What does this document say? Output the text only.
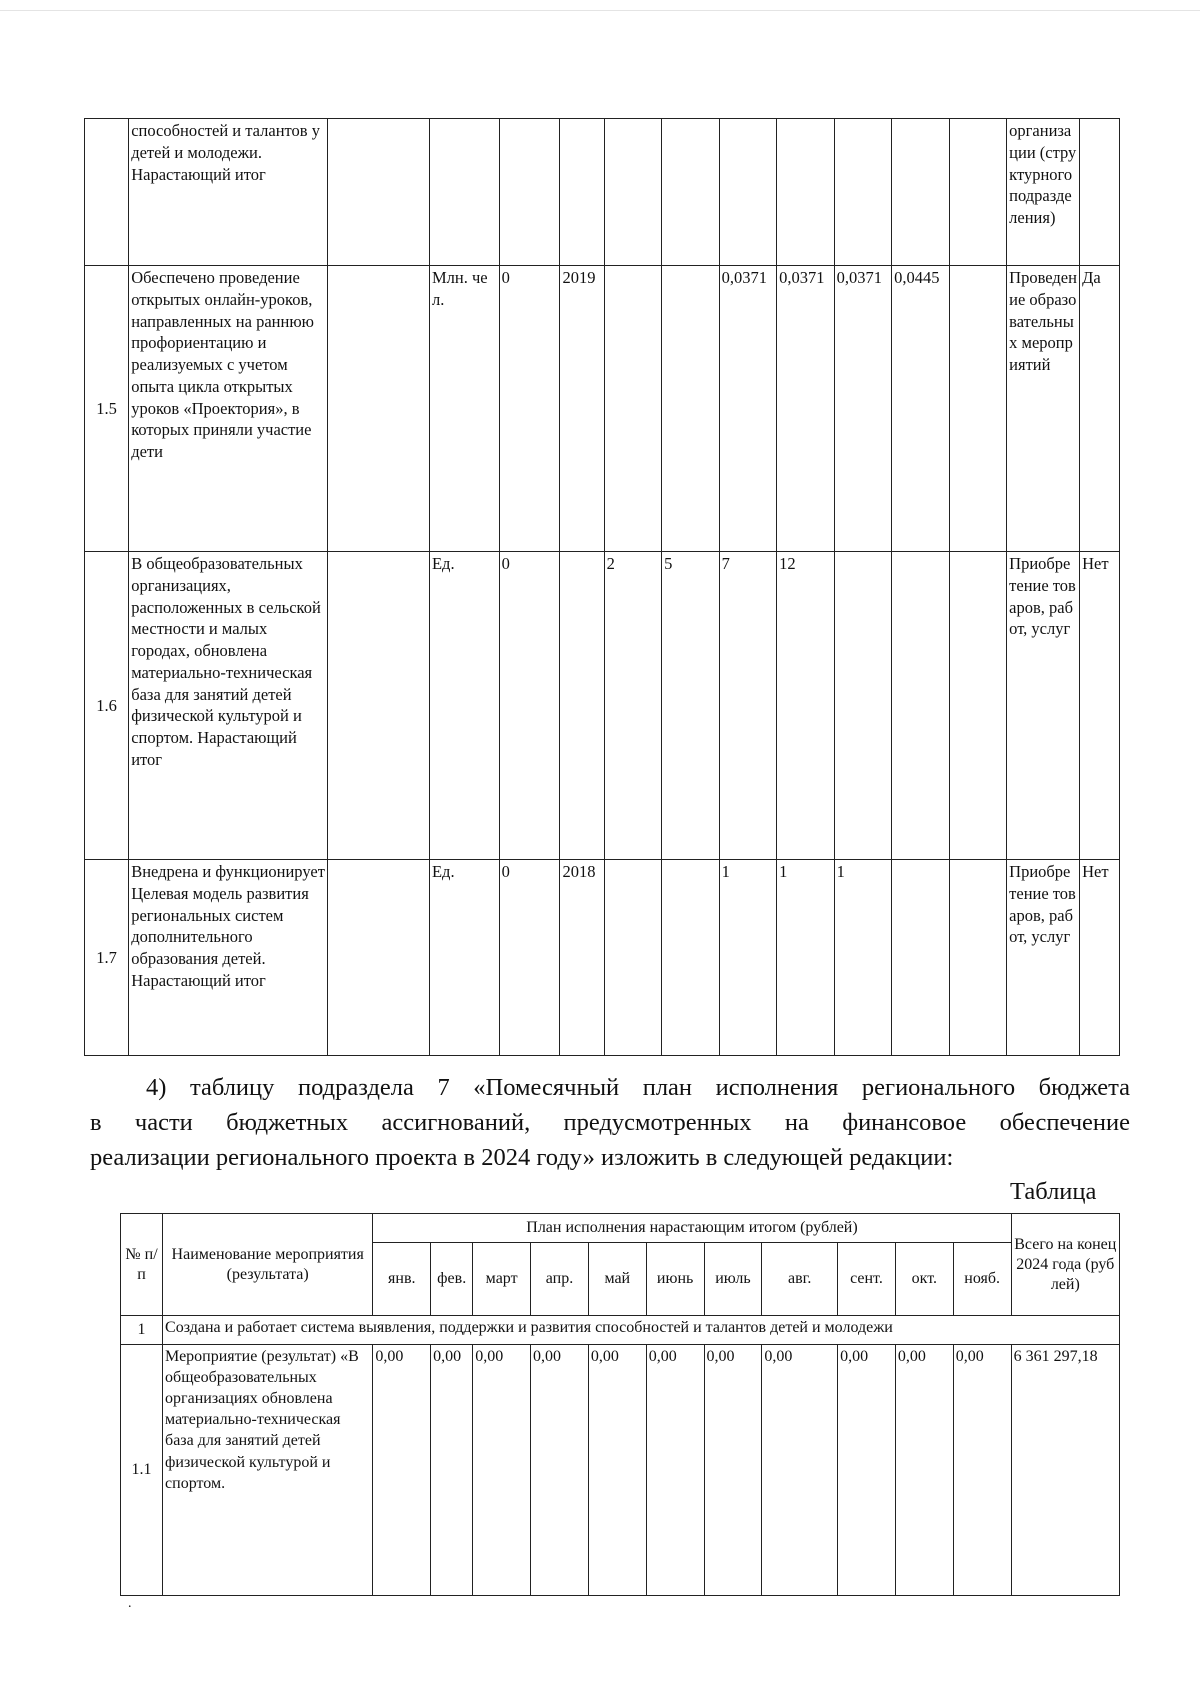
	способностей и талантов у детей и молодежи. Нарастающий итог												организации (структурного подразделения)	
1.5	Обеспечено проведение открытых онлайн-уроков, направленных на раннюю профориентацию и реализуемых с учетом опыта цикла открытых уроков «Проектория», в которых приняли участие дети		Млн. чел.	0	2019			0,0371	0,0371	0,0371	0,0445		Проведение образовательных мероприятий	Да
1.6	В общеобразовательных организациях, расположенных в сельской местности и малых городах, обновлена материально-техническая база для занятий детей физической культурой и спортом. Нарастающий итог		Ед.	0		2	5	7	12				Приобретение товаров, работ, услуг	Нет
1.7	Внедрена и функционирует Целевая модель развития региональных систем дополнительного образования детей. Нарастающий итог		Ед.	0	2018			1	1	1			Приобретение товаров, работ, услуг	Нет
4) таблицу подраздела 7 «Помесячный план исполнения регионального бюджета
в части бюджетных ассигнований, предусмотренных на финансовое обеспечение
реализации регионального проекта в 2024 году» изложить в следующей редакции:
Таблица
№ п/п	Наименование мероприятия (результата)	План исполнения нарастающим итогом (рублей)											Всего на конец 2024 года (рублей)
		янв.	фев.	март	апр.	май	июнь	июль	авг.	сент.	окт.	нояб.	
1	Создана и работает система выявления, поддержки и развития способностей и талантов детей и молодежи												
1.1	Мероприятие (результат) «В общеобразовательных организациях обновлена материально-техническая база для занятий детей физической культурой и спортом.	0,00	0,00	0,00	0,00	0,00	0,00	0,00	0,00	0,00	0,00	0,00	6 361 297,18
.
